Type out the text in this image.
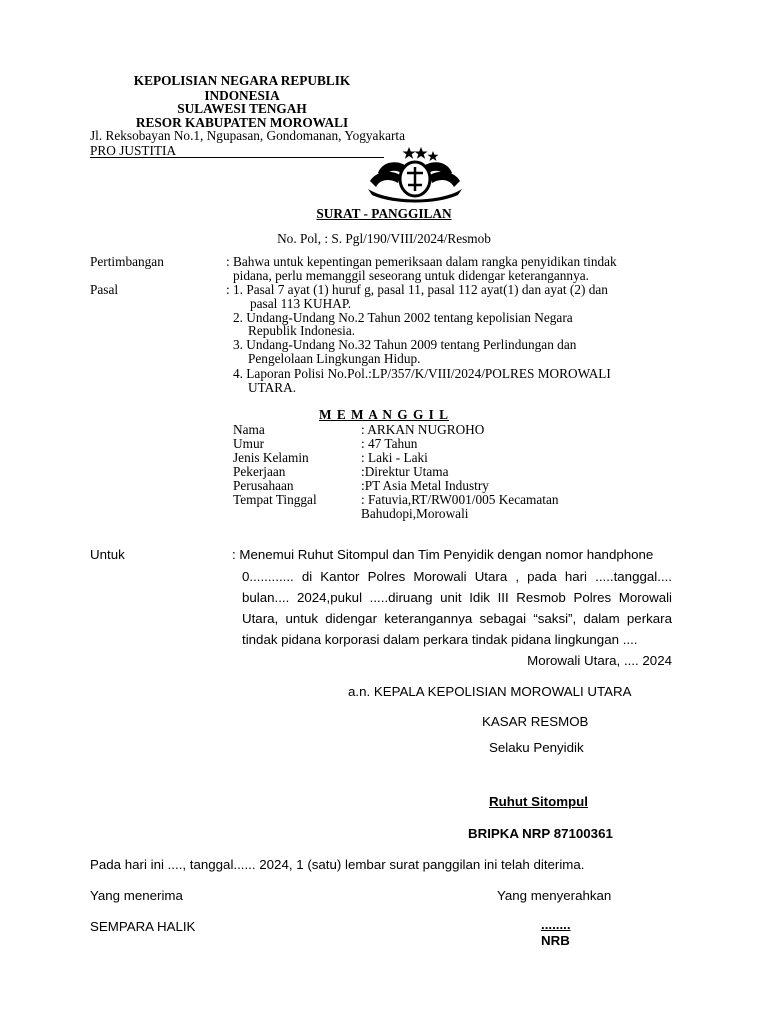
KEPOLISIAN NEGARA REPUBLIK
INDONESIA
SULAWESI TENGAH
RESOR KABUPATEN MOROWALI
Jl. Reksobayan No.1, Ngupasan, Gondomanan, Yogyakarta
PRO JUSTITIA
SURAT - PANGGILAN
No. Pol, : S. Pgl/190/VIII/2024/Resmob
Pertimbangan	: Bahwa untuk kepentingan pemeriksaan dalam rangka penyidikan tindak
pidana, perlu memanggil seseorang untuk didengar keterangannya.
Pasal	: 1. Pasal 7 ayat (1) huruf g, pasal 11, pasal 112 ayat(1) dan ayat (2) dan
pasal 113 KUHAP.
2. Undang-Undang No.2 Tahun 2002 tentang kepolisian Negara
Republik Indonesia.
3. Undang-Undang No.32 Tahun 2009 tentang Perlindungan dan
Pengelolaan Lingkungan Hidup.
4. Laporan Polisi No.Pol.:LP/357/K/VIII/2024/POLRES MOROWALI
UTARA.
M E M A N G G I L
Nama	: ARKAN NUGROHO
Umur	: 47 Tahun
Jenis Kelamin	: Laki - Laki
Pekerjaan	:Direktur Utama
Perusahaan	:PT Asia Metal Industry
Tempat Tinggal	: Fatuvia,RT/RW001/005 Kecamatan
Bahudopi,Morowali
Untuk	: Menemui Ruhut Sitompul dan Tim Penyidik dengan nomor handphone
0............ di Kantor Polres Morowali Utara , pada hari .....tanggal....
bulan.... 2024,pukul .....diruang unit Idik III Resmob Polres Morowali
Utara, untuk didengar keterangannya sebagai “saksi”, dalam perkara
tindak pidana korporasi dalam perkara tindak pidana lingkungan ....
Morowali Utara, .... 2024
a.n. KEPALA KEPOLISIAN MOROWALI UTARA
KASAR RESMOB
Selaku Penyidik
Ruhut Sitompul
BRIPKA NRP 87100361
Pada hari ini ...., tanggal...... 2024, 1 (satu) lembar surat panggilan ini telah diterima.
Yang menerima	Yang menyerahkan
SEMPARA HALIK	........
NRB
